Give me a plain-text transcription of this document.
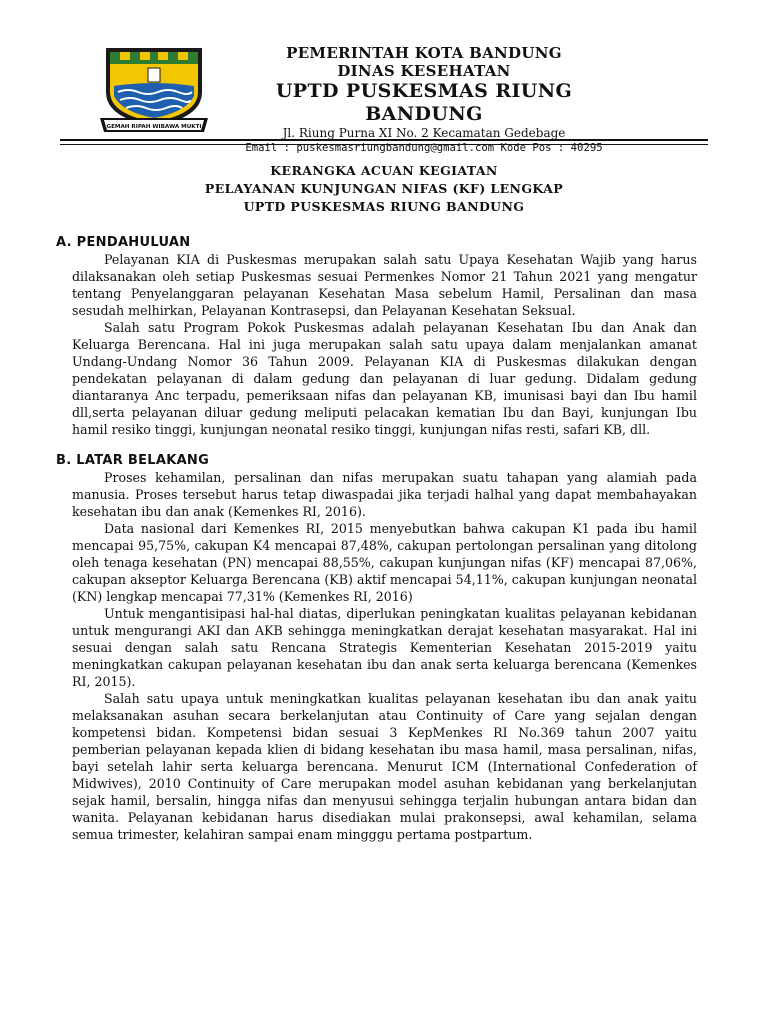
GEMAH RIPAH WIBAWA MUKTI
PEMERINTAH KOTA BANDUNG
DINAS KESEHATAN
UPTD PUSKESMAS RIUNG BANDUNG
Jl. Riung Purna XI No. 2 Kecamatan Gedebage
Email : puskesmasriungbandung@gmail.com Kode Pos : 40295
KERANGKA ACUAN KEGIATAN
PELAYANAN KUNJUNGAN NIFAS (KF) LENGKAP
UPTD PUSKESMAS RIUNG BANDUNG
A. PENDAHULUAN

Pelayanan KIA di Puskesmas merupakan salah satu Upaya Kesehatan Wajib yang harus dilaksanakan oleh setiap Puskesmas sesuai Permenkes Nomor 21 Tahun 2021 yang mengatur tentang Penyelanggaran pelayanan Kesehatan Masa sebelum Hamil, Persalinan dan masa sesudah melhirkan, Pelayanan Kontrasepsi, dan Pelayanan Kesehatan Seksual.

Salah satu Program Pokok Puskesmas adalah pelayanan Kesehatan Ibu dan Anak dan Keluarga Berencana. Hal ini juga merupakan salah satu upaya dalam menjalankan amanat Undang-Undang Nomor 36 Tahun 2009. Pelayanan KIA di Puskesmas dilakukan dengan pendekatan pelayanan di dalam gedung dan pelayanan di luar gedung. Didalam gedung diantaranya Anc terpadu, pemeriksaan nifas dan pelayanan KB, imunisasi bayi dan Ibu hamil dll,serta pelayanan diluar gedung meliputi pelacakan kematian Ibu dan Bayi, kunjungan Ibu hamil resiko tinggi, kunjungan neonatal resiko tinggi, kunjungan nifas resti, safari KB, dll.

B. LATAR BELAKANG

Proses kehamilan, persalinan dan nifas merupakan suatu tahapan yang alamiah pada manusia. Proses tersebut harus tetap diwaspadai jika terjadi halhal yang dapat membahayakan kesehatan ibu dan anak (Kemenkes RI, 2016).

Data nasional dari Kemenkes RI, 2015 menyebutkan bahwa cakupan K1 pada ibu hamil mencapai 95,75%, cakupan K4 mencapai 87,48%, cakupan pertolongan persalinan yang ditolong oleh tenaga kesehatan (PN) mencapai 88,55%, cakupan kunjungan nifas (KF) mencapai 87,06%, cakupan akseptor Keluarga Berencana (KB) aktif mencapai 54,11%, cakupan kunjungan neonatal (KN) lengkap mencapai 77,31% (Kemenkes RI, 2016)

Untuk mengantisipasi hal-hal diatas, diperlukan peningkatan kualitas pelayanan kebidanan untuk mengurangi AKI dan AKB sehingga meningkatkan derajat kesehatan masyarakat. Hal ini sesuai dengan salah satu Rencana Strategis Kementerian Kesehatan 2015-2019 yaitu meningkatkan cakupan pelayanan kesehatan ibu dan anak serta keluarga berencana (Kemenkes RI, 2015).

Salah satu upaya untuk meningkatkan kualitas pelayanan kesehatan ibu dan anak yaitu melaksanakan asuhan secara berkelanjutan atau Continuity of Care yang sejalan dengan kompetensi bidan. Kompetensi bidan sesuai 3 KepMenkes RI No.369 tahun 2007 yaitu pemberian pelayanan kepada klien di bidang kesehatan ibu masa hamil, masa persalinan, nifas, bayi setelah lahir serta keluarga berencana. Menurut ICM (International Confederation of Midwives), 2010 Continuity of Care merupakan model asuhan kebidanan yang berkelanjutan sejak hamil, bersalin, hingga nifas dan menyusui sehingga terjalin hubungan antara bidan dan wanita. Pelayanan kebidanan harus disediakan mulai prakonsepsi, awal kehamilan, selama semua trimester, kelahiran sampai enam mingggu pertama postpartum.
